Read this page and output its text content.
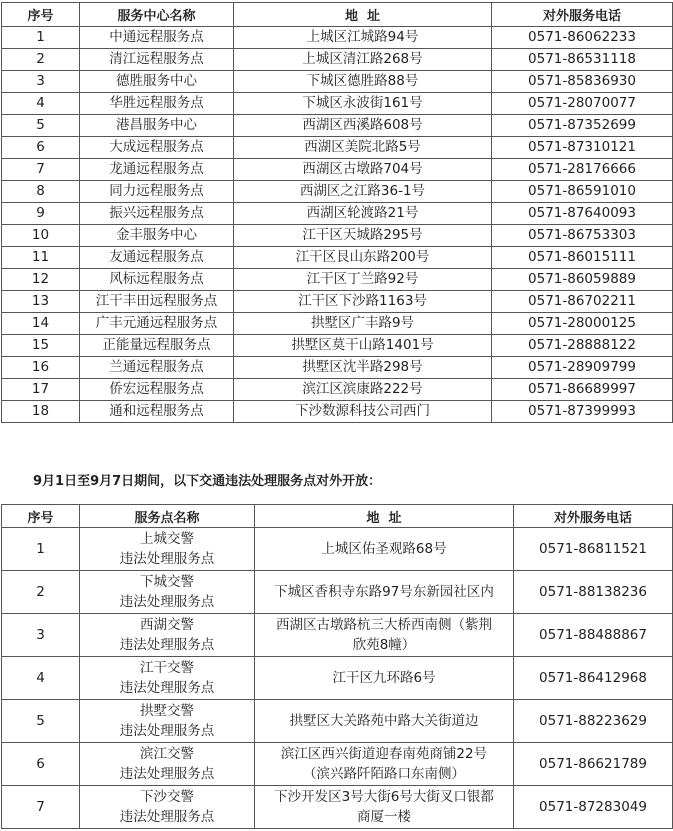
序号	服务中心名称	地  址	对外服务电话
1	中通远程服务点	上城区江城路94号	0571-86062233
2	清江远程服务点	上城区清江路268号	0571-86531118
3	德胜服务中心	下城区德胜路88号	0571-85836930
4	华胜远程服务点	下城区永波街161号	0571-28070077
5	港昌服务中心	西湖区西溪路608号	0571-87352699
6	大成远程服务点	西湖区美院北路5号	0571-87310121
7	龙通远程服务点	西湖区古墩路704号	0571-28176666
8	同力远程服务点	西湖区之江路36-1号	0571-86591010
9	振兴远程服务点	西湖区轮渡路21号	0571-87640093
10	金丰服务中心	江干区天城路295号	0571-86753303
11	友通远程服务点	江干区艮山东路200号	0571-86015111
12	风标远程服务点	江干区丁兰路92号	0571-86059889
13	江干丰田远程服务点	江干区下沙路1163号	0571-86702211
14	广丰元通远程服务点	拱墅区广丰路9号	0571-28000125
15	正能量远程服务点	拱墅区莫干山路1401号	0571-28888122
16	兰通远程服务点	拱墅区沈半路298号	0571-28909799
17	侨宏远程服务点	滨江区滨康路222号	0571-86689997
18	通和远程服务点	下沙数源科技公司西门	0571-87399993
9月1日至9月7日期间，以下交通违法处理服务点对外开放：
序号	服务点名称	地  址	对外服务电话
1	上城交警
违法处理服务点	上城区佑圣观路68号	0571-86811521
2	下城交警
违法处理服务点	下城区香积寺东路97号东新园社区内	0571-88138236
3	西湖交警
违法处理服务点	西湖区古墩路杭三大桥西南侧（紫荆
欣苑8幢）	0571-88488867
4	江干交警
违法处理服务点	江干区九环路6号	0571-86412968
5	拱墅交警
违法处理服务点	拱墅区大关路苑中路大关街道边	0571-88223629
6	滨江交警
违法处理服务点	滨江区西兴街道迎春南苑商铺22号
（滨兴路阡陌路口东南侧）	0571-86621789
7	下沙交警
违法处理服务点	下沙开发区3号大街6号大街叉口银都
商厦一楼	0571-87283049
